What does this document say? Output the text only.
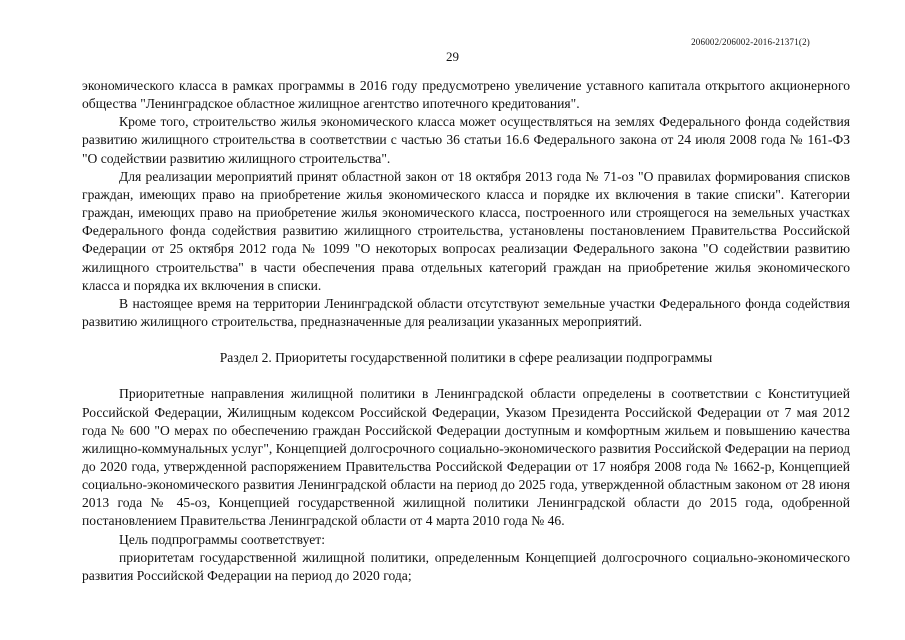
206002/206002-2016-21371(2)
29

экономического класса в рамках программы в 2016 году предусмотрено увеличение уставного капитала открытого акционерного общества "Ленинградское областное жилищное агентство ипотечного кредитования".

Кроме того, строительство жилья экономического класса может осуществляться на землях Федерального фонда содействия развитию жилищного строительства в соответствии с частью 36 статьи 16.6 Федерального закона от 24 июля 2008 года № 161-ФЗ "О содействии развитию жилищного строительства".

Для реализации мероприятий принят областной закон от 18 октября 2013 года № 71-оз "О правилах формирования списков граждан, имеющих право на приобретение жилья экономического класса и порядке их включения в такие списки". Категории граждан, имеющих право на приобретение жилья экономического класса, построенного или строящегося на земельных участках Федерального фонда содействия развитию жилищного строительства, установлены постановлением Правительства Российской Федерации от 25 октября 2012 года № 1099 "О некоторых вопросах реализации Федерального закона "О содействии развитию жилищного строительства" в части обеспечения права отдельных категорий граждан на приобретение жилья экономического класса и порядка их включения в списки.

В настоящее время на территории Ленинградской области отсутствуют земельные участки Федерального фонда содействия развитию жилищного строительства, предназначенные для реализации указанных мероприятий.

Раздел 2. Приоритеты государственной политики в сфере реализации подпрограммы

Приоритетные направления жилищной политики в Ленинградской области определены в соответствии с Конституцией Российской Федерации, Жилищным кодексом Российской Федерации, Указом Президента Российской Федерации от 7 мая 2012 года № 600 "О мерах по обеспечению граждан Российской Федерации доступным и комфортным жильем и повышению качества жилищно-коммунальных услуг", Концепцией долгосрочного социально-экономического развития Российской Федерации на период до 2020 года, утвержденной распоряжением Правительства Российской Федерации от 17 ноября 2008 года № 1662-р, Концепцией социально-экономического развития Ленинградской области на период до 2025 года, утвержденной областным законом от 28 июня 2013 года № 45-оз, Концепцией государственной жилищной политики Ленинградской области до 2015 года, одобренной постановлением Правительства Ленинградской области от 4 марта 2010 года № 46.

Цель подпрограммы соответствует:

приоритетам государственной жилищной политики, определенным Концепцией долгосрочного социально-экономического развития Российской Федерации на период до 2020 года;
